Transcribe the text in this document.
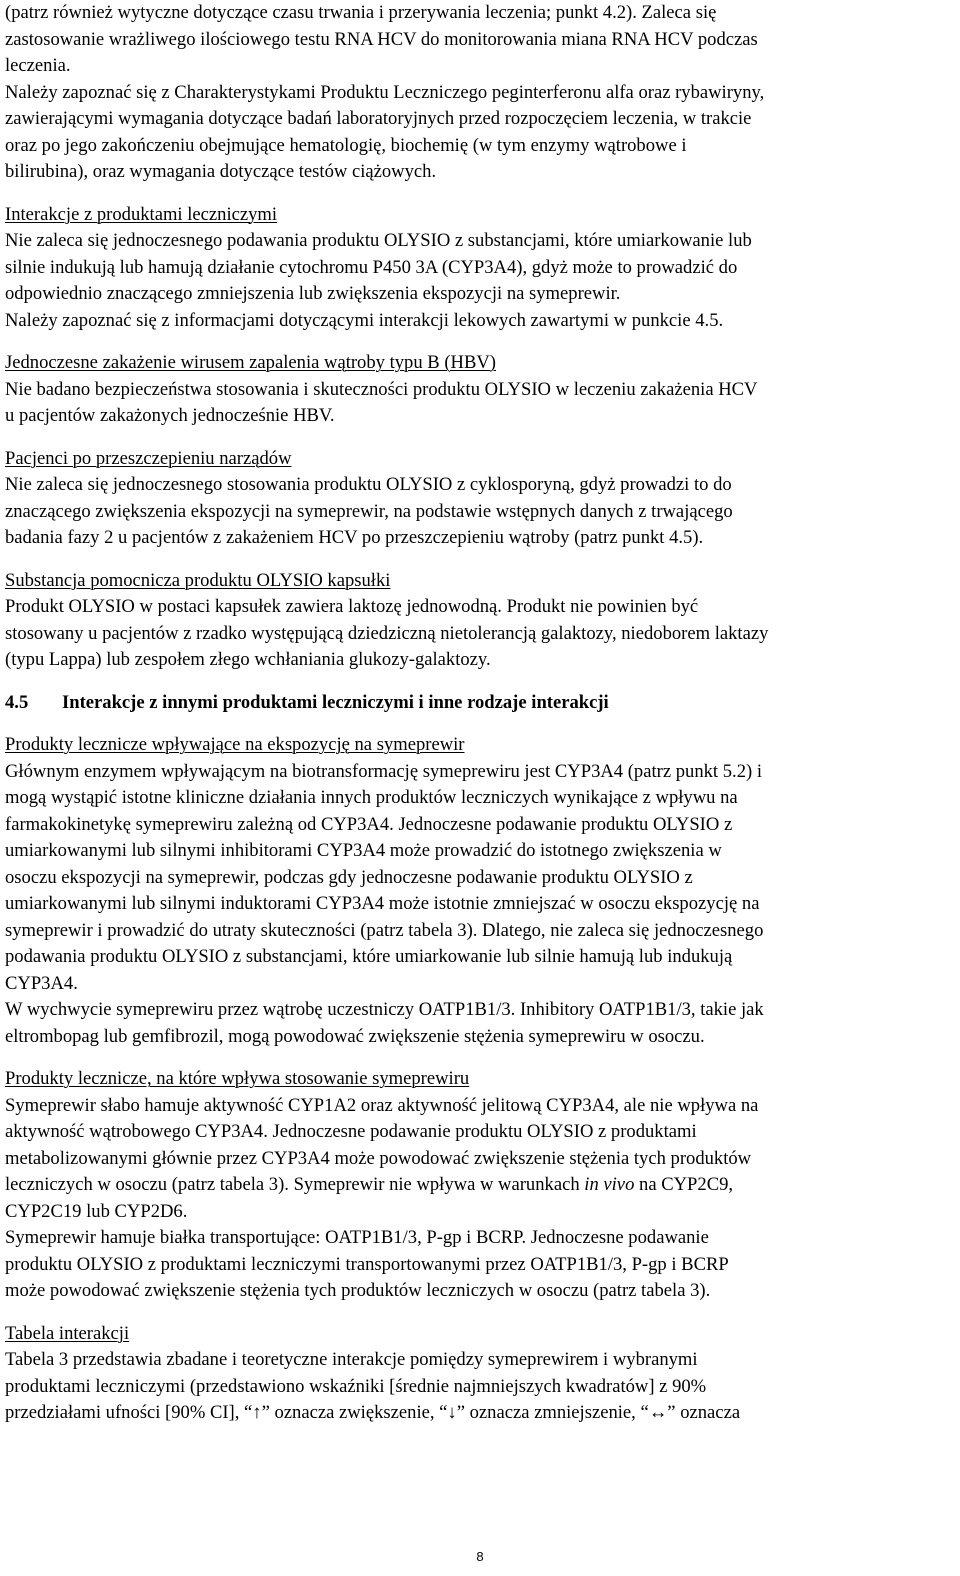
(patrz również wytyczne dotyczące czasu trwania i przerywania leczenia; punkt 4.2). Zaleca się
zastosowanie wrażliwego ilościowego testu RNA HCV do monitorowania miana RNA HCV podczas
leczenia.
Należy zapoznać się z Charakterystykami Produktu Leczniczego peginterferonu alfa oraz rybawiryny,
zawierającymi wymagania dotyczące badań laboratoryjnych przed rozpoczęciem leczenia, w trakcie
oraz po jego zakończeniu obejmujące hematologię, biochemię (w tym enzymy wątrobowe i
bilirubina), oraz wymagania dotyczące testów ciążowych.

Interakcje z produktami leczniczymi
Nie zaleca się jednoczesnego podawania produktu OLYSIO z substancjami, które umiarkowanie lub
silnie indukują lub hamują działanie cytochromu P450 3A (CYP3A4), gdyż może to prowadzić do
odpowiednio znaczącego zmniejszenia lub zwiększenia ekspozycji na symeprewir.
Należy zapoznać się z informacjami dotyczącymi interakcji lekowych zawartymi w punkcie 4.5.

Jednoczesne zakażenie wirusem zapalenia wątroby typu B (HBV)
Nie badano bezpieczeństwa stosowania i skuteczności produktu OLYSIO w leczeniu zakażenia HCV
u pacjentów zakażonych jednocześnie HBV.

Pacjenci po przeszczepieniu narządów
Nie zaleca się jednoczesnego stosowania produktu OLYSIO z cyklosporyną, gdyż prowadzi to do
znaczącego zwiększenia ekspozycji na symeprewir, na podstawie wstępnych danych z trwającego
badania fazy 2 u pacjentów z zakażeniem HCV po przeszczepieniu wątroby (patrz punkt 4.5).

Substancja pomocnicza produktu OLYSIO kapsułki
Produkt OLYSIO w postaci kapsułek zawiera laktozę jednowodną. Produkt nie powinien być
stosowany u pacjentów z rzadko występującą dziedziczną nietolerancją galaktozy, niedoborem laktazy
(typu Lappa) lub zespołem złego wchłaniania glukozy-galaktozy.

4.5	Interakcje z innymi produktami leczniczymi i inne rodzaje interakcji

Produkty lecznicze wpływające na ekspozycję na symeprewir
Głównym enzymem wpływającym na biotransformację symeprewiru jest CYP3A4 (patrz punkt 5.2) i
mogą wystąpić istotne kliniczne działania innych produktów leczniczych wynikające z wpływu na
farmakokinetykę symeprewiru zależną od CYP3A4. Jednoczesne podawanie produktu OLYSIO z
umiarkowanymi lub silnymi inhibitorami CYP3A4 może prowadzić do istotnego zwiększenia w
osoczu ekspozycji na symeprewir, podczas gdy jednoczesne podawanie produktu OLYSIO z
umiarkowanymi lub silnymi induktorami CYP3A4 może istotnie zmniejszać w osoczu ekspozycję na
symeprewir i prowadzić do utraty skuteczności (patrz tabela 3). Dlatego, nie zaleca się jednoczesnego
podawania produktu OLYSIO z substancjami, które umiarkowanie lub silnie hamują lub indukują
CYP3A4.
W wychwycie symeprewiru przez wątrobę uczestniczy OATP1B1/3. Inhibitory OATP1B1/3, takie jak
eltrombopag lub gemfibrozil, mogą powodować zwiększenie stężenia symeprewiru w osoczu.

Produkty lecznicze, na które wpływa stosowanie symeprewiru
Symeprewir słabo hamuje aktywność CYP1A2 oraz aktywność jelitową CYP3A4, ale nie wpływa na
aktywność wątrobowego CYP3A4. Jednoczesne podawanie produktu OLYSIO z produktami
metabolizowanymi głównie przez CYP3A4 może powodować zwiększenie stężenia tych produktów
leczniczych w osoczu (patrz tabela 3). Symeprewir nie wpływa w warunkach in vivo na CYP2C9,
CYP2C19 lub CYP2D6.
Symeprewir hamuje białka transportujące: OATP1B1/3, P-gp i BCRP. Jednoczesne podawanie
produktu OLYSIO z produktami leczniczymi transportowanymi przez OATP1B1/3, P-gp i BCRP
może powodować zwiększenie stężenia tych produktów leczniczych w osoczu (patrz tabela 3).

Tabela interakcji
Tabela 3 przedstawia zbadane i teoretyczne interakcje pomiędzy symeprewirem i wybranymi
produktami leczniczymi (przedstawiono wskaźniki [średnie najmniejszych kwadratów] z 90%
przedziałami ufności [90% CI], “↑” oznacza zwiększenie, “↓” oznacza zmniejszenie, “↔” oznacza

8
